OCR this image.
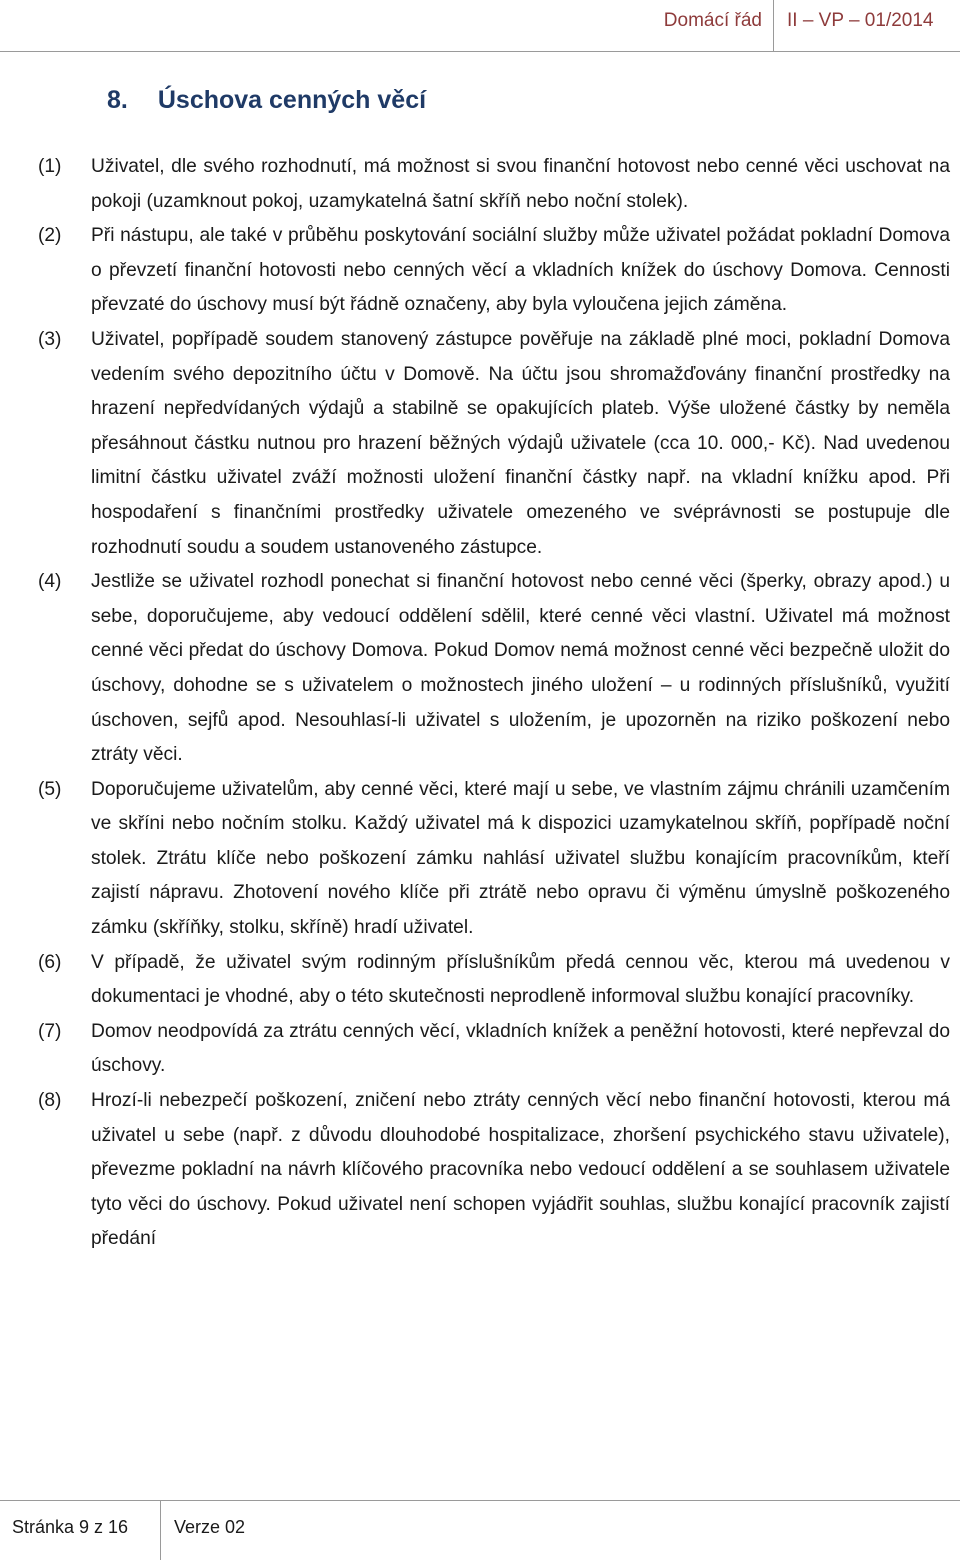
Domácí řád II – VP – 01/2014
8. Úschova cenných věcí
(1) Uživatel, dle svého rozhodnutí, má možnost si svou finanční hotovost nebo cenné věci uschovat na pokoji (uzamknout pokoj, uzamykatelná šatní skříň nebo noční stolek).
(2) Při nástupu, ale také v průběhu poskytování sociální služby může uživatel požádat pokladní Domova o převzetí finanční hotovosti nebo cenných věcí a vkladních knížek do úschovy Domova. Cennosti převzaté do úschovy musí být řádně označeny, aby byla vyloučena jejich záměna.
(3) Uživatel, popřípadě soudem stanovený zástupce pověřuje na základě plné moci, pokladní Domova vedením svého depozitního účtu v Domově. Na účtu jsou shromažďovány finanční prostředky na hrazení nepředvídaných výdajů a stabilně se opakujících plateb. Výše uložené částky by neměla přesáhnout částku nutnou pro hrazení běžných výdajů uživatele (cca 10. 000,- Kč). Nad uvedenou limitní částku uživatel zváží možnosti uložení finanční částky např. na vkladní knížku apod. Při hospodaření s finančními prostředky uživatele omezeného ve svéprávnosti se postupuje dle rozhodnutí soudu a soudem ustanoveného zástupce.
(4) Jestliže se uživatel rozhodl ponechat si finanční hotovost nebo cenné věci (šperky, obrazy apod.) u sebe, doporučujeme, aby vedoucí oddělení sdělil, které cenné věci vlastní. Uživatel má možnost cenné věci předat do úschovy Domova. Pokud Domov nemá možnost cenné věci bezpečně uložit do úschovy, dohodne se s uživatelem o možnostech jiného uložení – u rodinných příslušníků, využití úschoven, sejfů apod. Nesouhlasí-li uživatel s uložením, je upozorněn na riziko poškození nebo ztráty věci.
(5) Doporučujeme uživatelům, aby cenné věci, které mají u sebe, ve vlastním zájmu chránili uzamčením ve skříni nebo nočním stolku. Každý uživatel má k dispozici uzamykatelnou skříň, popřípadě noční stolek. Ztrátu klíče nebo poškození zámku nahlásí uživatel službu konajícím pracovníkům, kteří zajistí nápravu. Zhotovení nového klíče při ztrátě nebo opravu či výměnu úmyslně poškozeného zámku (skříňky, stolku, skříně) hradí uživatel.
(6) V případě, že uživatel svým rodinným příslušníkům předá cennou věc, kterou má uvedenou v dokumentaci je vhodné, aby o této skutečnosti neprodleně informoval službu konající pracovníky.
(7) Domov neodpovídá za ztrátu cenných věcí, vkladních knížek a peněžní hotovosti, které nepřevzal do úschovy.
(8) Hrozí-li nebezpečí poškození, zničení nebo ztráty cenných věcí nebo finanční hotovosti, kterou má uživatel u sebe (např. z důvodu dlouhodobé hospitalizace, zhoršení psychického stavu uživatele), převezme pokladní na návrh klíčového pracovníka nebo vedoucí oddělení a se souhlasem uživatele tyto věci do úschovy. Pokud uživatel není schopen vyjádřit souhlas, službu konající pracovník zajistí předání
Stránka 9 z 16	Verze 02
